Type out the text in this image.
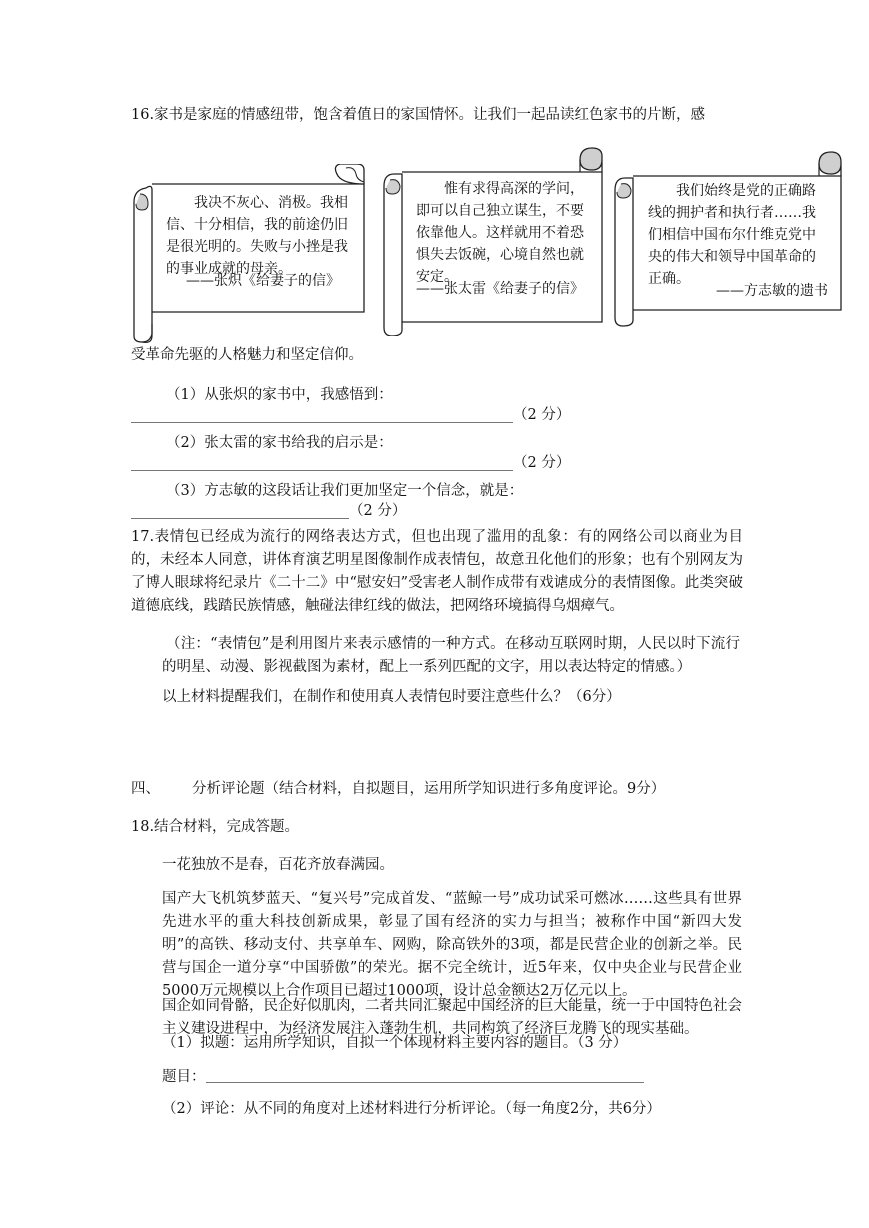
16.家书是家庭的情感纽带，饱含着值日的家国情怀。让我们一起品读红色家书的片断，感
我决不灰心、消极。我相信、十分相信，我的前途仍旧是很光明的。失败与小挫是我的事业成就的母亲。
——张炽《给妻子的信》
惟有求得高深的学问，即可以自己独立谋生，不要依靠他人。这样就用不着恐惧失去饭碗，心境自然也就安定。
——张太雷《给妻子的信》
我们始终是党的正确路线的拥护者和执行者……我们相信中国布尔什维克党中央的伟大和领导中国革命的正确。
——方志敏的遗书
受革命先驱的人格魅力和坚定信仰。
（1）从张炽的家书中，我感悟到：
（2 分）
（2）张太雷的家书给我的启示是：
（2 分）
（3）方志敏的这段话让我们更加坚定一个信念，就是：
（2 分）
17.表情包已经成为流行的网络表达方式，但也出现了滥用的乱象：有的网络公司以商业为目的，未经本人同意，讲体育演艺明星图像制作成表情包，故意丑化他们的形象；也有个别网友为了博人眼球将纪录片《二十二》中“慰安妇”受害老人制作成带有戏谑成分的表情图像。此类突破道德底线，践踏民族情感，触碰法律红线的做法，把网络环境搞得乌烟瘴气。
（注：“表情包”是利用图片来表示感情的一种方式。在移动互联网时期，人民以时下流行的明星、动漫、影视截图为素材，配上一系列匹配的文字，用以表达特定的情感。）
以上材料提醒我们，在制作和使用真人表情包时要注意些什么？（6分）
四、 分析评论题（结合材料，自拟题目，运用所学知识进行多角度评论。9分）
18.结合材料，完成答题。
一花独放不是春，百花齐放春满园。
国产大飞机筑梦蓝天、“复兴号”完成首发、“蓝鲸一号”成功试采可燃冰……这些具有世界先进水平的重大科技创新成果，彰显了国有经济的实力与担当；被称作中国“新四大发明”的高铁、移动支付、共享单车、网购，除高铁外的3项，都是民营企业的创新之举。民营与国企一道分享“中国骄傲”的荣光。据不完全统计，近5年来，仅中央企业与民营企业5000万元规模以上合作项目已超过1000项，设计总金额达2万亿元以上。
国企如同骨骼，民企好似肌肉，二者共同汇聚起中国经济的巨大能量，统一于中国特色社会主义建设进程中，为经济发展注入蓬勃生机，共同构筑了经济巨龙腾飞的现实基础。
（1）拟题：运用所学知识，自拟一个体现材料主要内容的题目。（3 分）
题目：
（2）评论：从不同的角度对上述材料进行分析评论。（每一角度2分，共6分）
